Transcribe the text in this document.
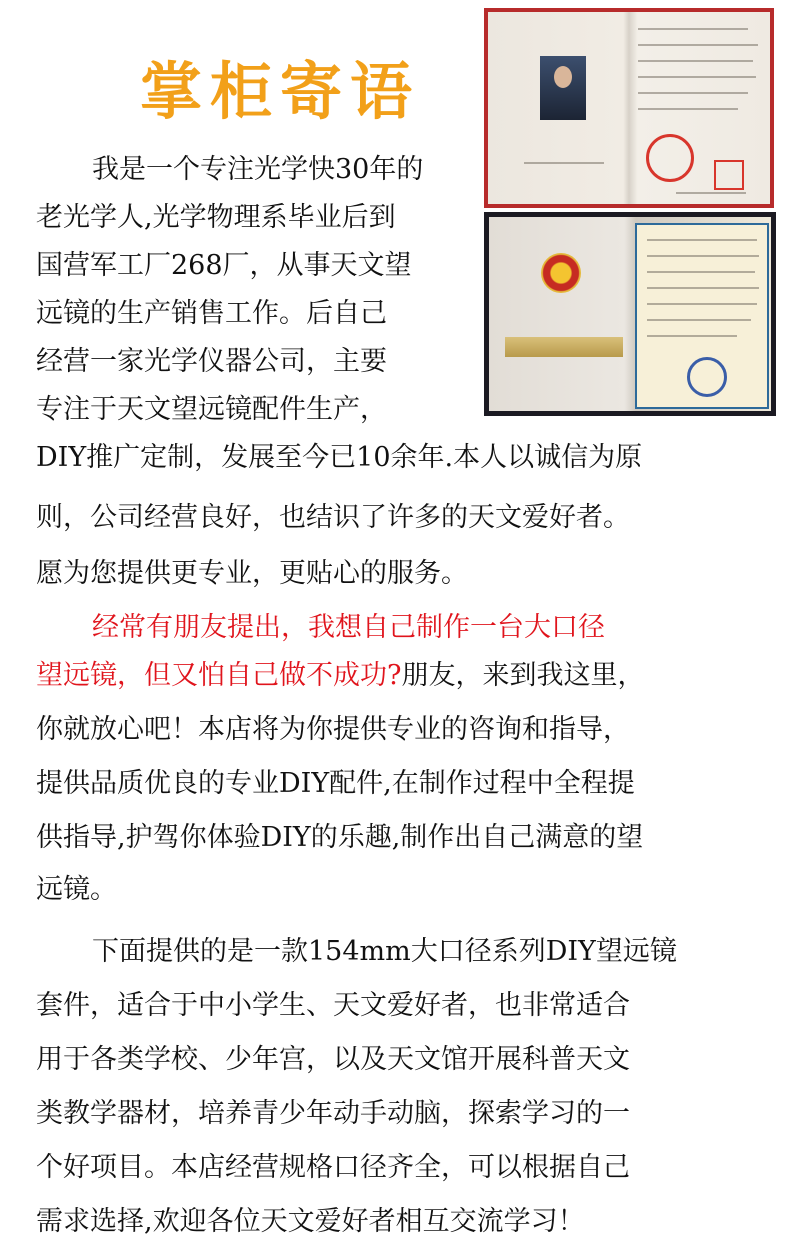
掌柜寄语
我是一个专注光学快30年的
老光学人,光学物理系毕业后到
国营军工厂268厂，从事天文望
远镜的生产销售工作。后自己
经营一家光学仪器公司，主要
专注于天文望远镜配件生产，
DIY推广定制，发展至今已10余年.本人以诚信为原
则，公司经营良好，也结识了许多的天文爱好者。
愿为您提供更专业，更贴心的服务。
经常有朋友提出，我想自己制作一台大口径
望远镜，但又怕自己做不成功?朋友，来到我这里，
你就放心吧！本店将为你提供专业的咨询和指导，
提供品质优良的专业DIY配件,在制作过程中全程提
供指导,护驾你体验DIY的乐趣,制作出自己满意的望
远镜。
下面提供的是一款154mm大口径系列DIY望远镜
套件，适合于中小学生、天文爱好者，也非常适合
用于各类学校、少年宫，以及天文馆开展科普天文
类教学器材，培养青少年动手动脑，探索学习的一
个好项目。本店经营规格口径齐全，可以根据自己
需求选择,欢迎各位天文爱好者相互交流学习！
